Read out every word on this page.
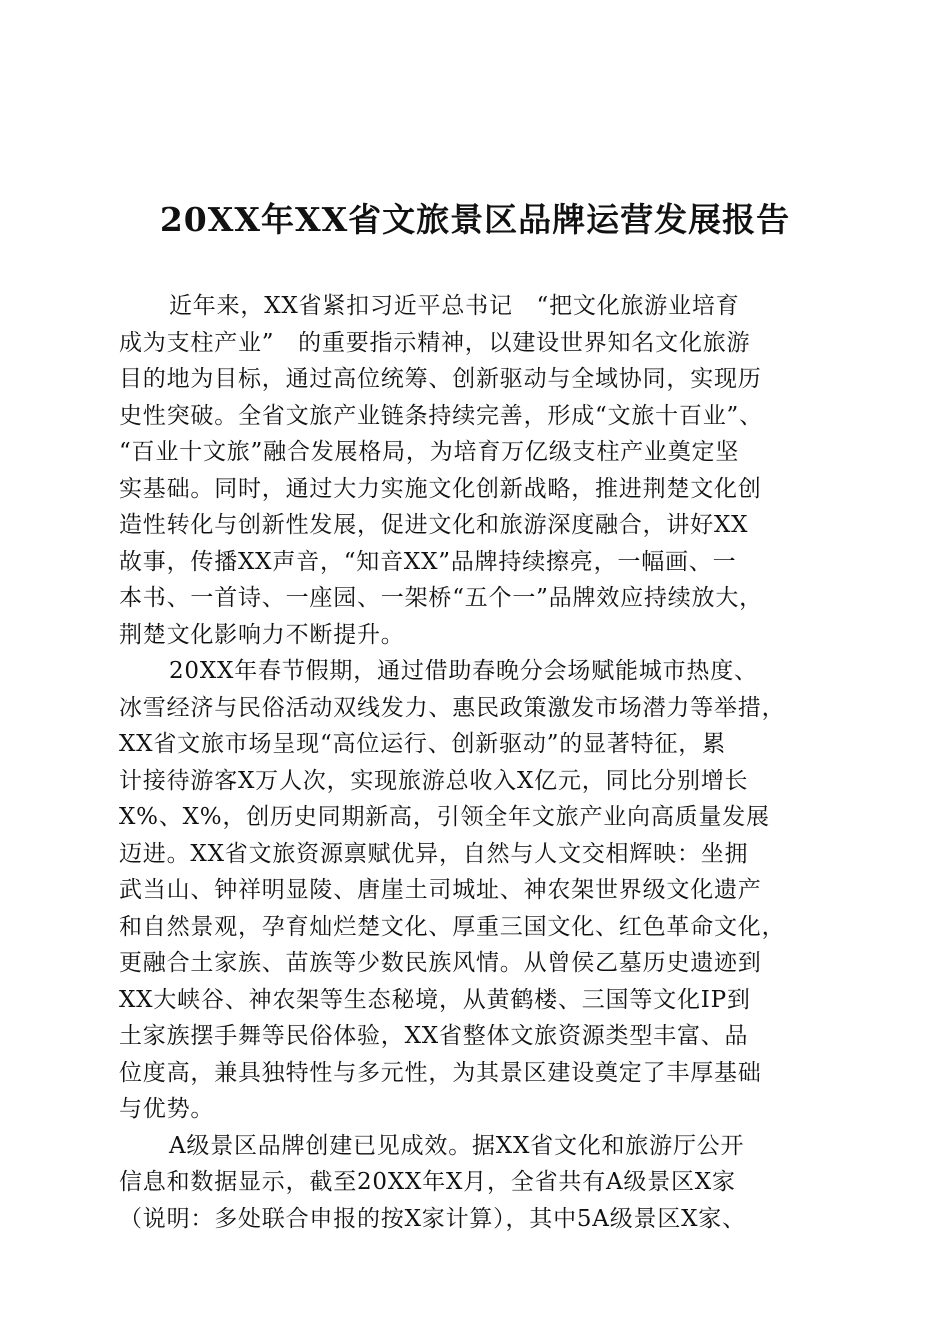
20XX年XX省文旅景区品牌运营发展报告

近年来，XX省紧扣习近平总书记　“把文化旅游业培育
成为支柱产业”　的重要指示精神，以建设世界知名文化旅游
目的地为目标，通过高位统筹、创新驱动与全域协同，实现历
史性突破。全省文旅产业链条持续完善，形成“文旅十百业”、
“百业十文旅”融合发展格局，为培育万亿级支柱产业奠定坚
实基础。同时，通过大力实施文化创新战略，推进荆楚文化创
造性转化与创新性发展，促进文化和旅游深度融合，讲好XX
故事，传播XX声音，“知音XX”品牌持续擦亮，一幅画、一
本书、一首诗、一座园、一架桥“五个一”品牌效应持续放大，
荆楚文化影响力不断提升。

20XX年春节假期，通过借助春晚分会场赋能城市热度、
冰雪经济与民俗活动双线发力、惠民政策激发市场潜力等举措，
XX省文旅市场呈现“高位运行、创新驱动”的显著特征，累
计接待游客X万人次，实现旅游总收入X亿元，同比分别增长
X%、X%，创历史同期新高，引领全年文旅产业向高质量发展
迈进。XX省文旅资源禀赋优异，自然与人文交相辉映：坐拥
武当山、钟祥明显陵、唐崖土司城址、神农架世界级文化遗产
和自然景观，孕育灿烂楚文化、厚重三国文化、红色革命文化，
更融合土家族、苗族等少数民族风情。从曾侯乙墓历史遗迹到
XX大峡谷、神农架等生态秘境，从黄鹤楼、三国等文化IP到
土家族摆手舞等民俗体验，XX省整体文旅资源类型丰富、品
位度高，兼具独特性与多元性，为其景区建设奠定了丰厚基础
与优势。

A级景区品牌创建已见成效。据XX省文化和旅游厅公开
信息和数据显示，截至20XX年X月，全省共有A级景区X家
（说明：多处联合申报的按X家计算），其中5A级景区X家、
